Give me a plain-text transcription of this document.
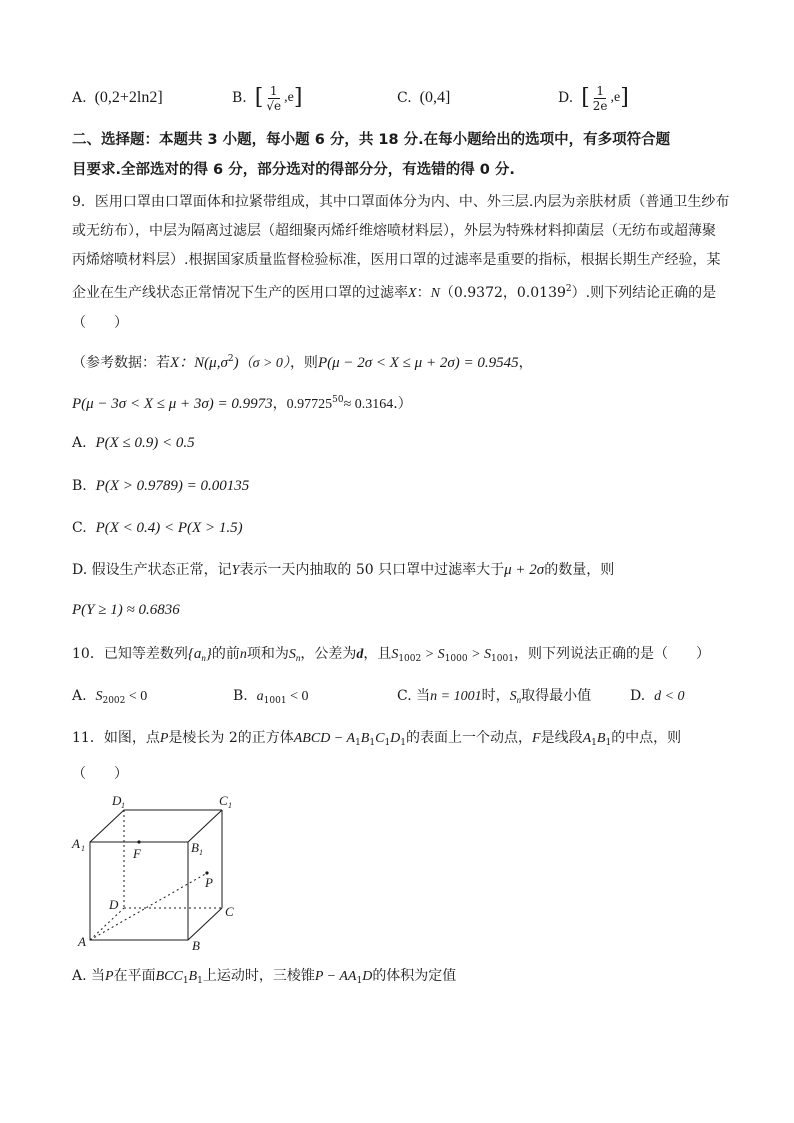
A. (0,2+2ln2]	B. [ $\frac{1}{√e} ,e$ ]	C. (0,4]	D. [ $\frac{1}{2e} ,e$ ]
二、选择题：本题共 3 小题，每小题 6 分，共 18 分.在每小题给出的选项中，有多项符合题
目要求.全部选对的得 6 分，部分选对的得部分分，有选错的得 0 分.
9．医用口罩由口罩面体和拉紧带组成，其中口罩面体分为内、中、外三层.内层为亲肤材质（普通卫生纱布
或无纺布），中层为隔离过滤层（超细聚丙烯纤维熔喷材料层），外层为特殊材料抑菌层（无纺布或超薄聚
丙烯熔喷材料层）.根据国家质量监督检验标准，医用口罩的过滤率是重要的指标，根据长期生产经验，某
企业在生产线状态正常情况下生产的医用口罩的过滤率X：N（0.9372，0.0139$^2$）.则下列结论正确的是
（　　）
（参考数据：若X：$N(\mu,\sigma^2)(\sigma > 0)$，则P(μ − 2σ < X ≤ μ + 2σ) = 0.9545，
P(μ − 3σ < X ≤ μ + 3σ) = 0.9973，$0.97725^{50}\approx 0.3164$.）
A. P(X ≤ 0.9) < 0.5
B. P(X > 0.9789) = 0.00135
C. P(X < 0.4) < P(X > 1.5)
D. 假设生产状态正常，记Y表示一天内抽取的 50 只口罩中过滤率大于μ + 2σ的数量，则
P(Y ≥ 1) ≈ 0.6836
10．已知等差数列$\{a_n\}$的前n项和为$S_n$，公差为d，且$S_{1002} > S_{1000} > S_{1001}$，则下列说法正确的是（　　）
A. $S_{2002} < 0$	B. $a_{1001} < 0$	C. 当n = 1001时，$S_n$取得最小值	D. d < 0
11．如图，点P是棱长为 2的正方体ABCD − $A_1B_1C_1D_1$的表面上一个动点，F是线段$A_1B_1$的中点，则
（　　）
D 1	C 1
A 1	B 1
F
P
D	C
A	B
A. 当P在平面$BCC_1B_1$上运动时，三棱锥$P - AA_1D$的体积为定值
